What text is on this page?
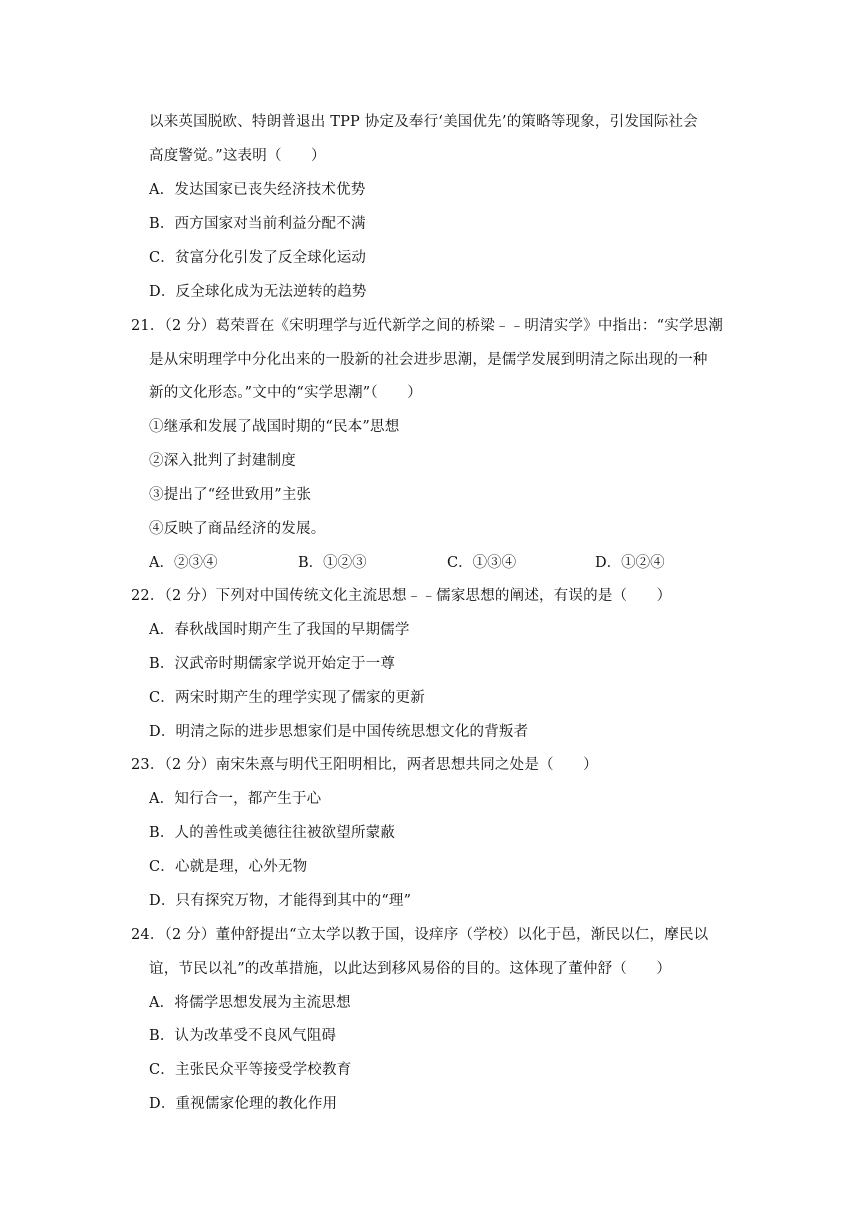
以来英国脱欧、特朗普退出 TPP 协定及奉行‘美国优先’的策略等现象，引发国际社会
高度警觉。”这表明（　　）
A．发达国家已丧失经济技术优势
B．西方国家对当前利益分配不满
C．贫富分化引发了反全球化运动
D．反全球化成为无法逆转的趋势
21．（2 分）葛荣晋在《宋明理学与近代新学之间的桥梁﹣﹣明清实学》中指出：“实学思潮
是从宋明理学中分化出来的一股新的社会进步思潮，是儒学发展到明清之际出现的一种
新的文化形态。”文中的“实学思潮”（　　）
①继承和发展了战国时期的“民本”思想
②深入批判了封建制度
③提出了“经世致用”主张
④反映了商品经济的发展。
A．②③④	B．①②③	C．①③④	D．①②④
22．（2 分）下列对中国传统文化主流思想﹣﹣儒家思想的阐述，有误的是（　　）
A．春秋战国时期产生了我国的早期儒学
B．汉武帝时期儒家学说开始定于一尊
C．两宋时期产生的理学实现了儒家的更新
D．明清之际的进步思想家们是中国传统思想文化的背叛者
23．（2 分）南宋朱熹与明代王阳明相比，两者思想共同之处是（　　）
A．知行合一，都产生于心
B．人的善性或美德往往被欲望所蒙蔽
C．心就是理，心外无物
D．只有探究万物，才能得到其中的“理”
24．（2 分）董仲舒提出“立太学以教于国，设痒序（学校）以化于邑，渐民以仁，摩民以
谊，节民以礼”的改革措施，以此达到移风易俗的目的。这体现了董仲舒（　　）
A．将儒学思想发展为主流思想
B．认为改革受不良风气阻碍
C．主张民众平等接受学校教育
D．重视儒家伦理的教化作用
